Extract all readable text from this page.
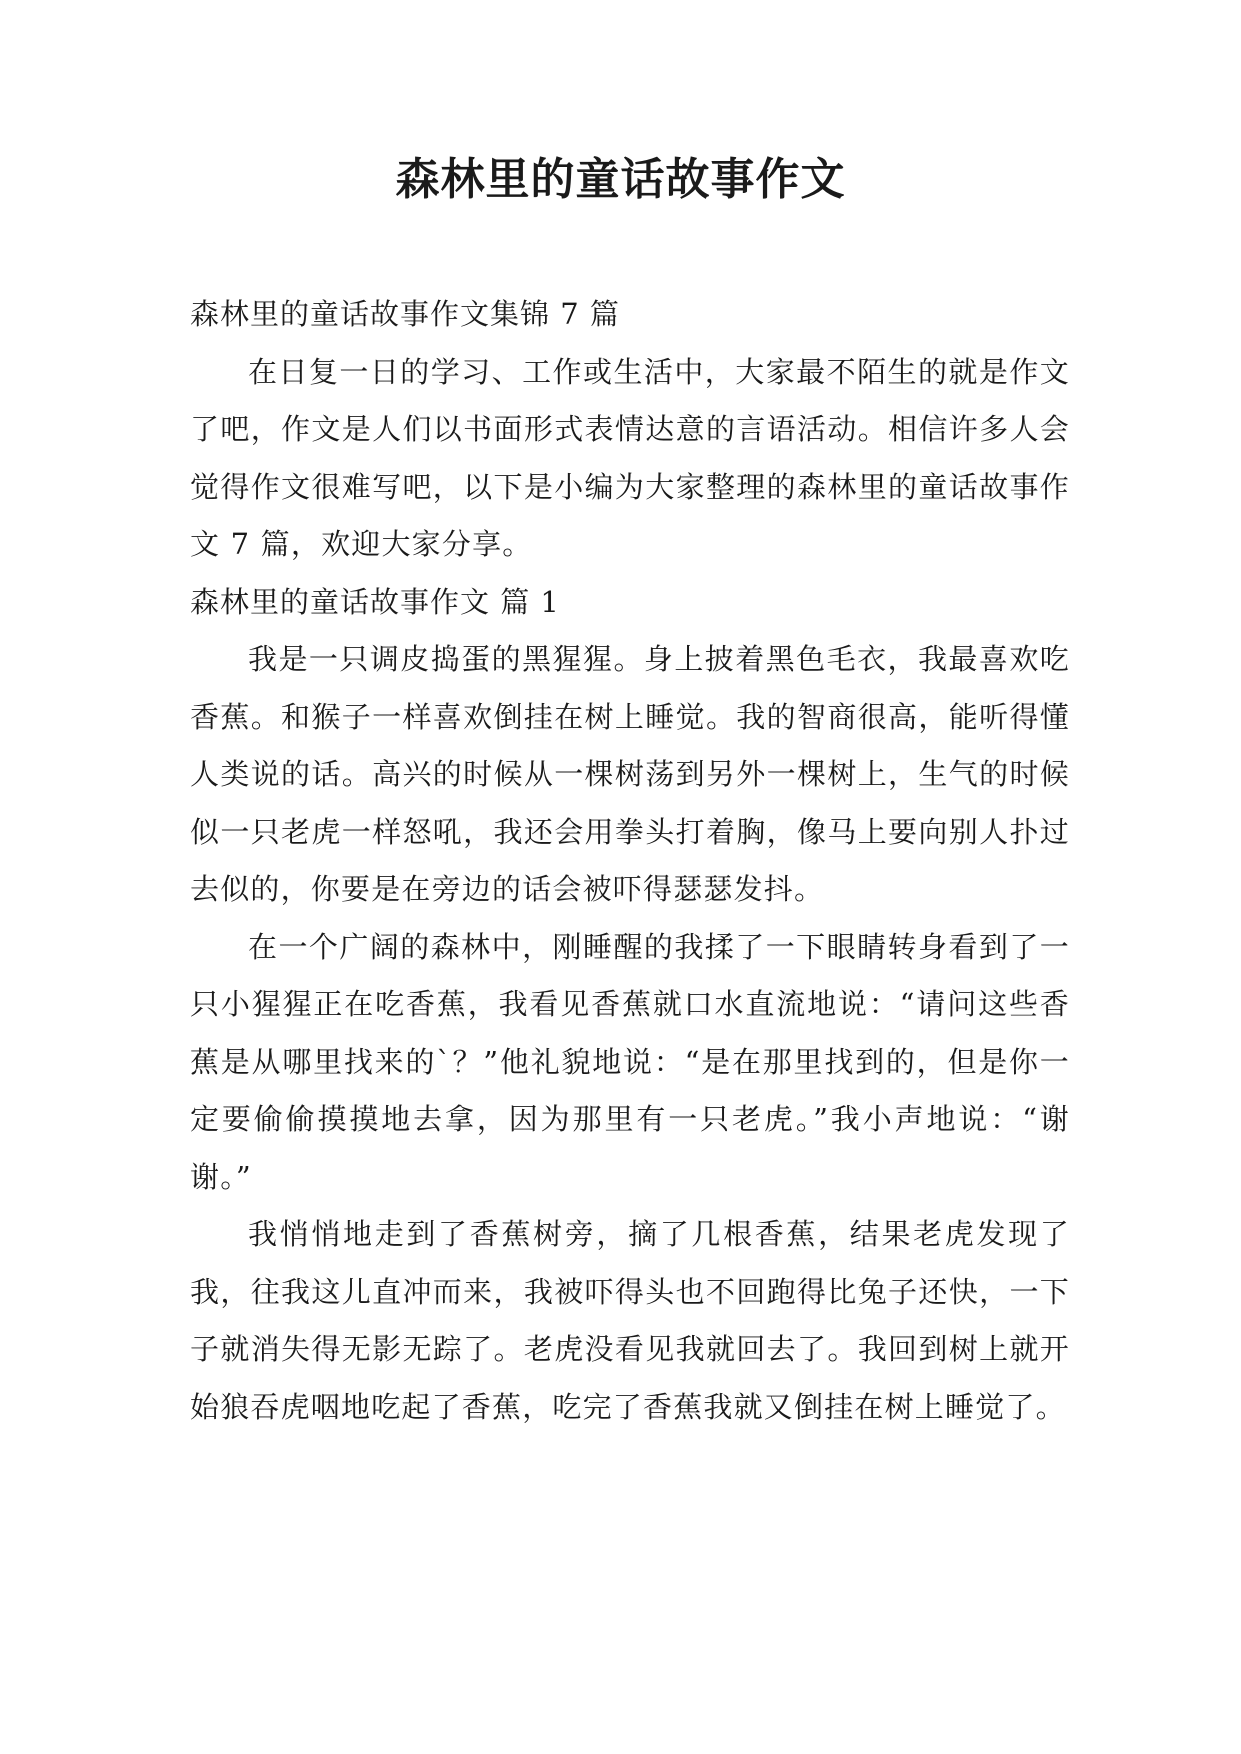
森林里的童话故事作文

森林里的童话故事作文集锦 7 篇

在日复一日的学习、工作或生活中，大家最不陌生的就是作文了吧，作文是人们以书面形式表情达意的言语活动。相信许多人会觉得作文很难写吧，以下是小编为大家整理的森林里的童话故事作文 7 篇，欢迎大家分享。

森林里的童话故事作文 篇 1

我是一只调皮捣蛋的黑猩猩。身上披着黑色毛衣，我最喜欢吃香蕉。和猴子一样喜欢倒挂在树上睡觉。我的智商很高，能听得懂人类说的话。高兴的时候从一棵树荡到另外一棵树上，生气的时候似一只老虎一样怒吼，我还会用拳头打着胸，像马上要向别人扑过去似的，你要是在旁边的话会被吓得瑟瑟发抖。

在一个广阔的森林中，刚睡醒的我揉了一下眼睛转身看到了一只小猩猩正在吃香蕉，我看见香蕉就口水直流地说：“请问这些香蕉是从哪里找来的`？”他礼貌地说：“是在那里找到的，但是你一定要偷偷摸摸地去拿，因为那里有一只老虎。”我小声地说：“谢谢。”

我悄悄地走到了香蕉树旁，摘了几根香蕉，结果老虎发现了我，往我这儿直冲而来，我被吓得头也不回跑得比兔子还快，一下子就消失得无影无踪了。老虎没看见我就回去了。我回到树上就开始狼吞虎咽地吃起了香蕉，吃完了香蕉我就又倒挂在树上睡觉了。
